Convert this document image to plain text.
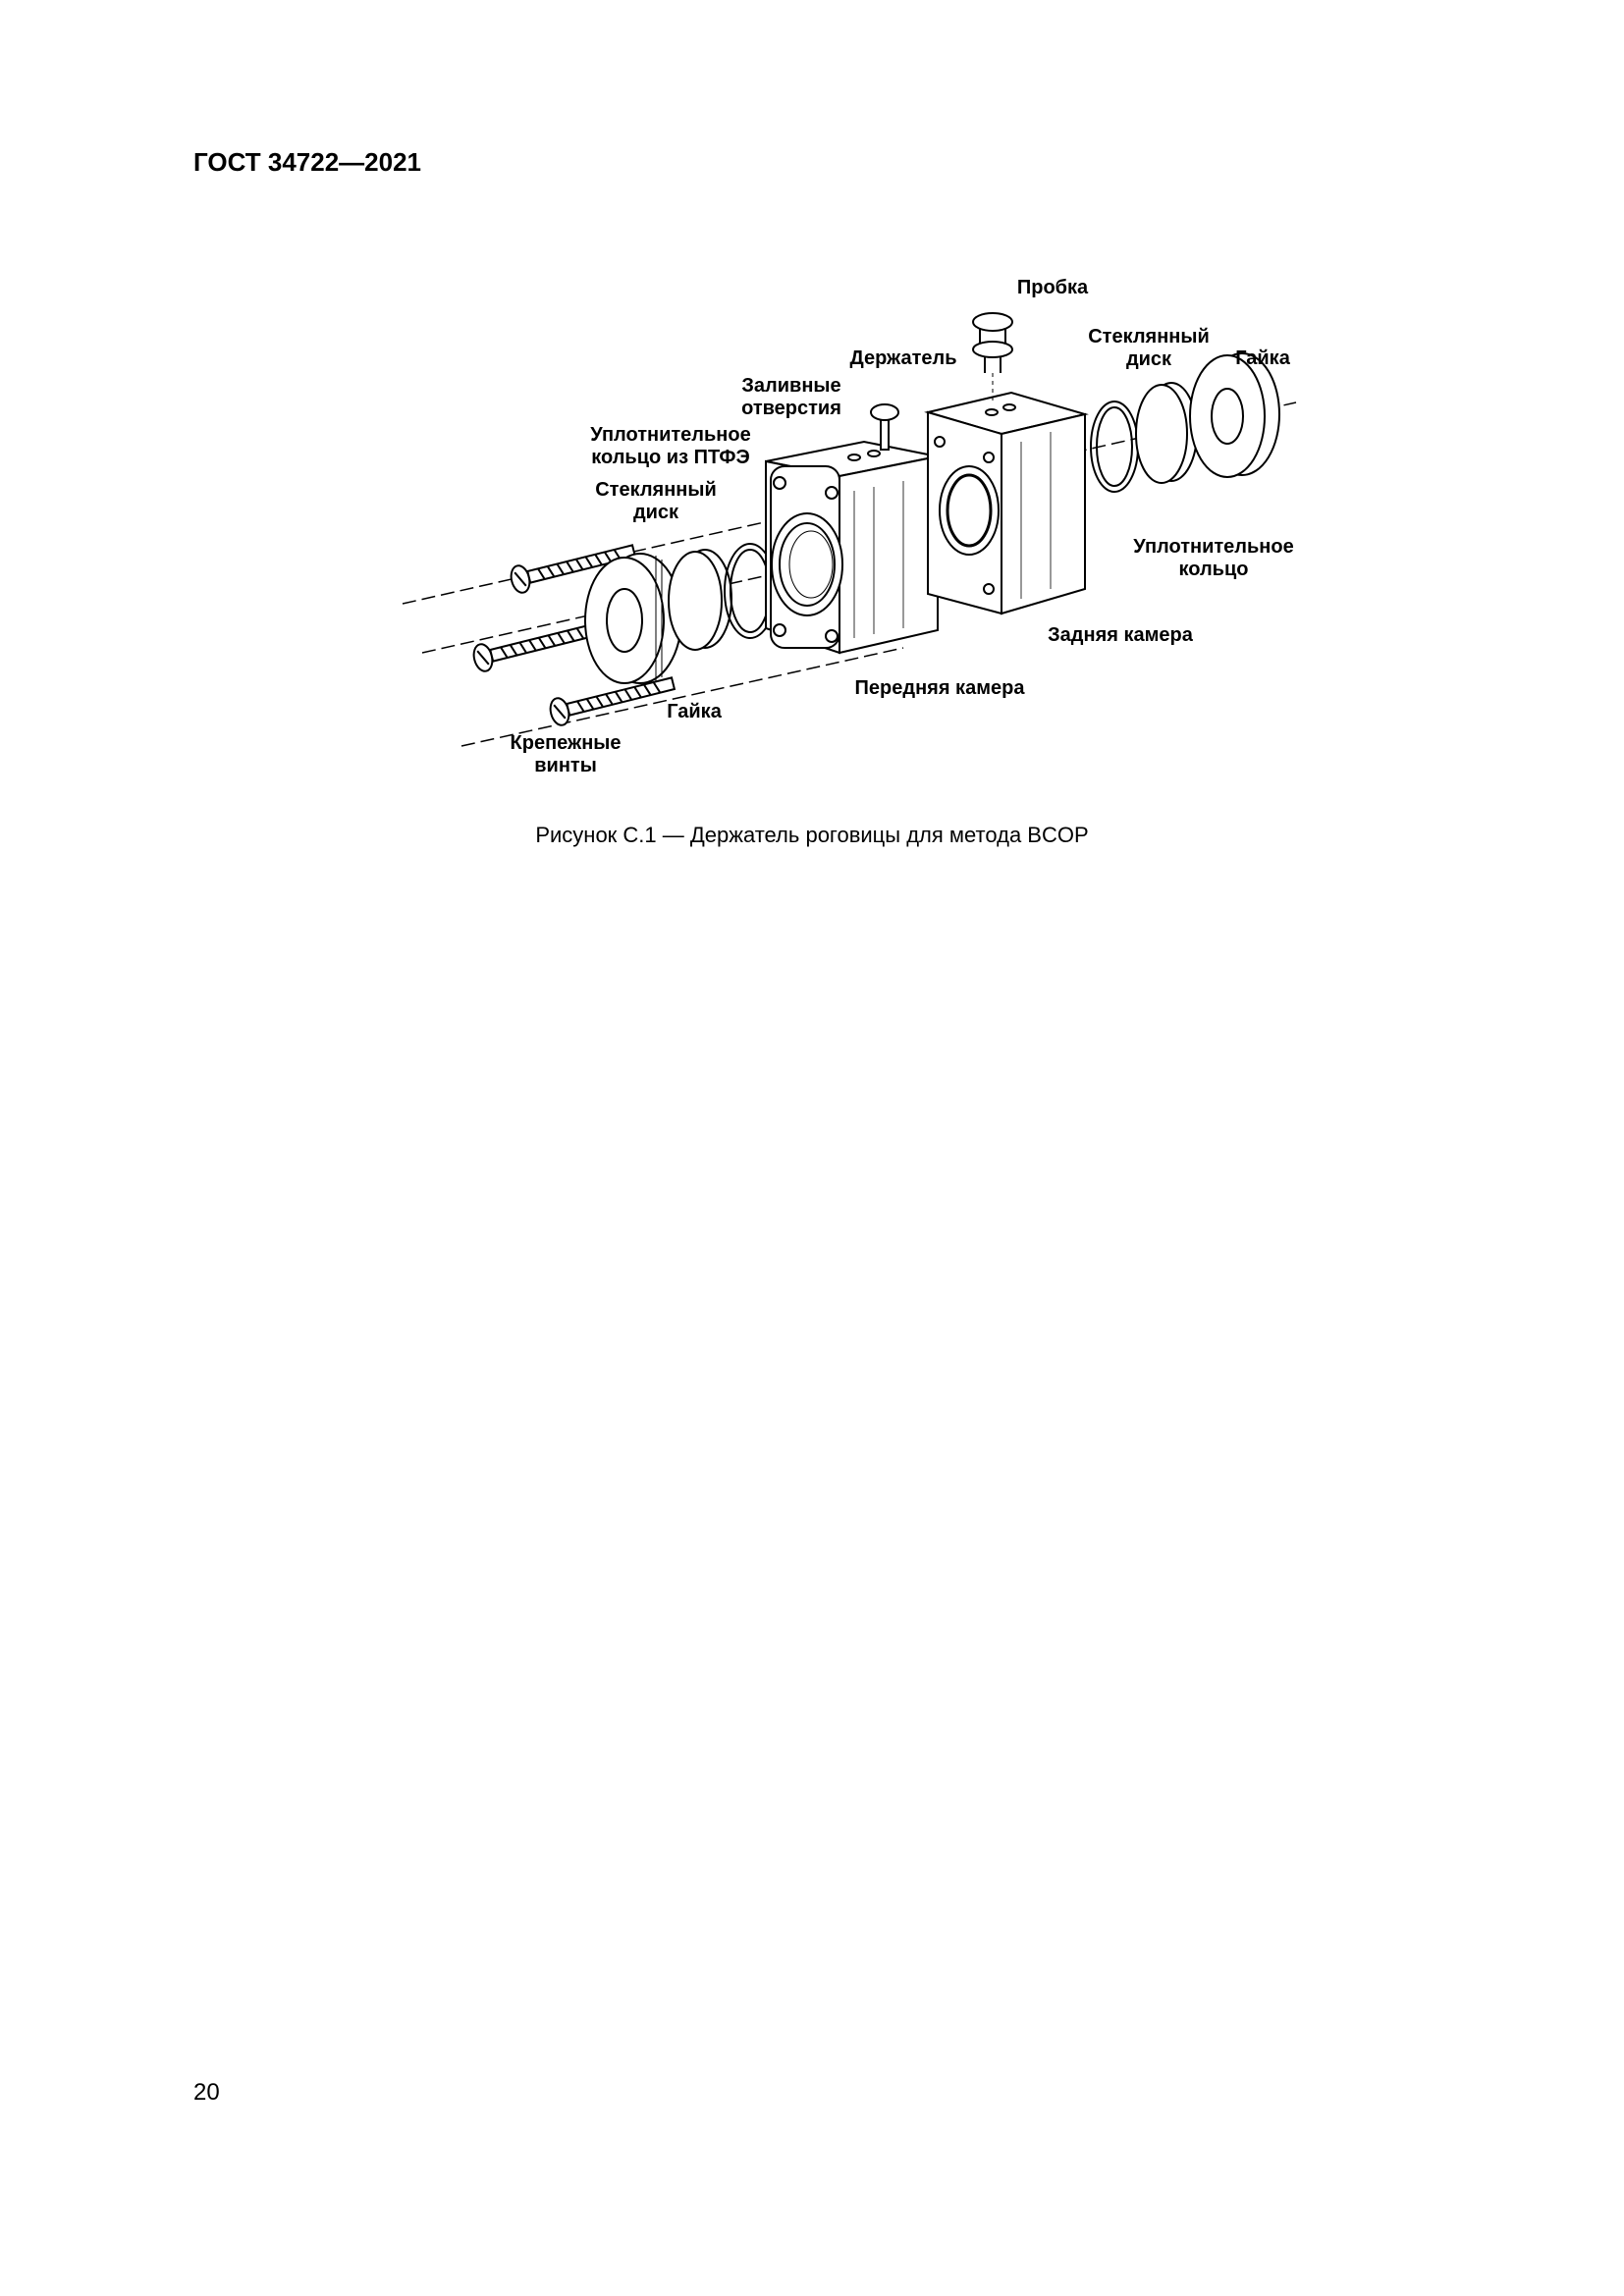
ГОСТ 34722—2021
Пробка
Держатель
Стеклянный
диск	Гайка
Заливные
отверстия
Уплотнительное
кольцо из ПТФЭ
Стеклянный
диск
Уплотнительное
кольцо
Задняя камера
Передняя камера
Гайка
Крепежные
винты
Рисунок С.1 — Держатель роговицы для метода BCOP
20
